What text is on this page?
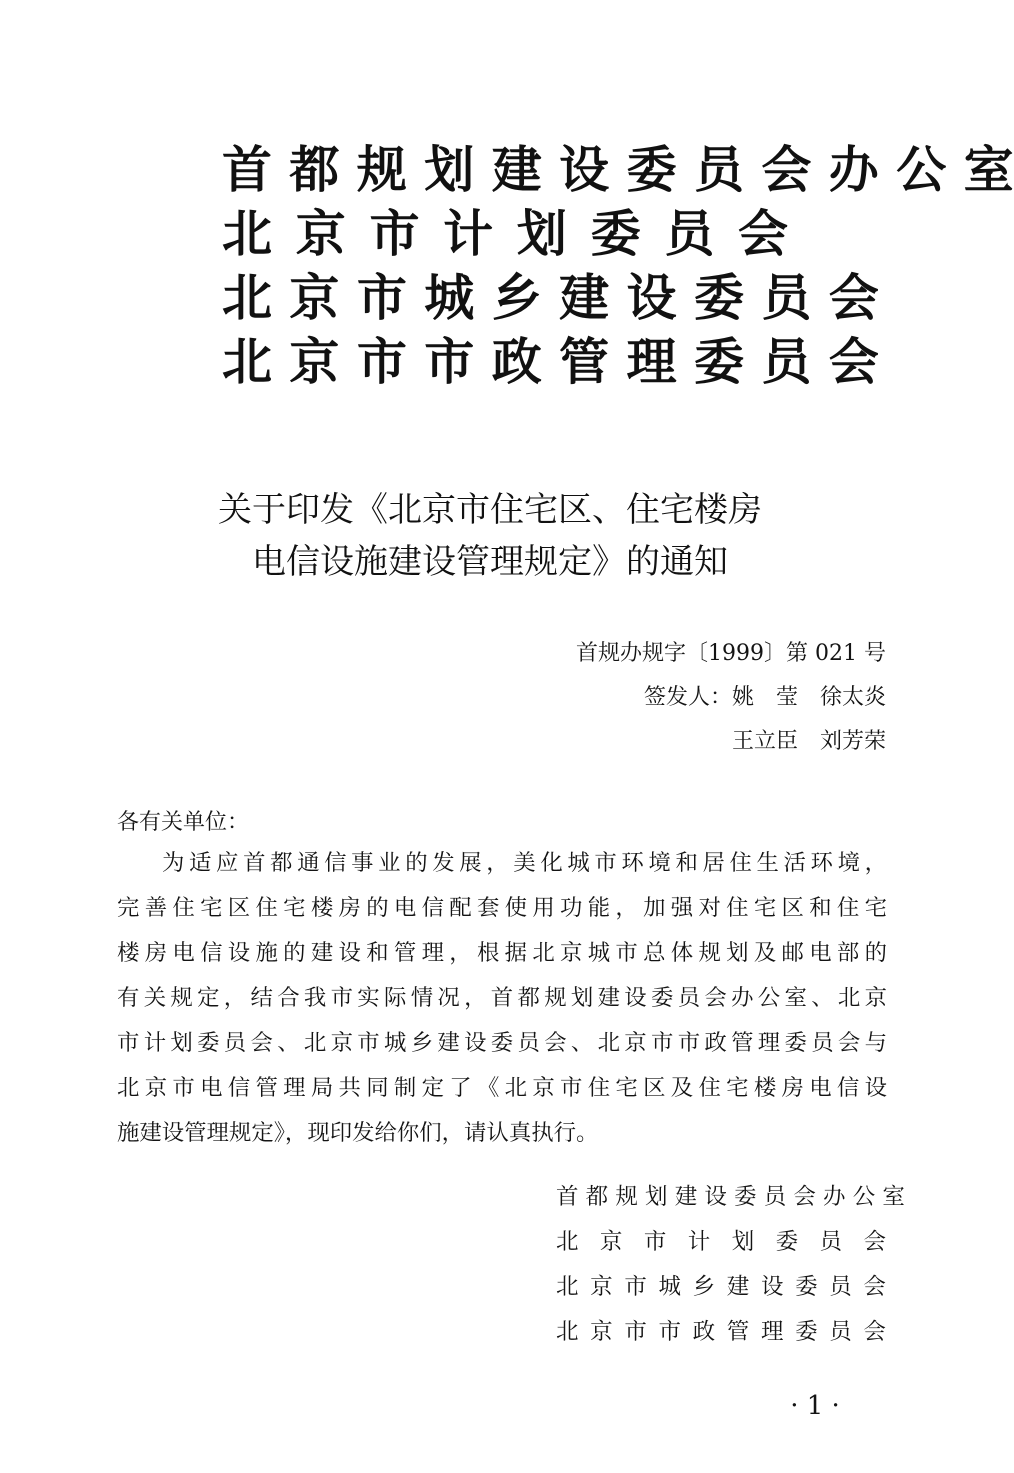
首 都 规 划 建 设 委 员 会 办 公 室
北 京 市 计 划 委 员 会
北 京 市 城 乡 建 设 委 员 会
北 京 市 市 政 管 理 委 员 会
关于印发《北京市住宅区、住宅楼房
电信设施建设管理规定》的通知
首规办规字〔1999〕第 021 号
签发人：姚　莹　徐太炎
王立臣　刘芳荣
各有关单位：
为适应首都通信事业的发展，美化城市环境和居住生活环境，
完善住宅区住宅楼房的电信配套使用功能，加强对住宅区和住宅
楼房电信设施的建设和管理，根据北京城市总体规划及邮电部的
有关规定，结合我市实际情况，首都规划建设委员会办公室、北京
市计划委员会、北京市城乡建设委员会、北京市市政管理委员会与
北京市电信管理局共同制定了《北京市住宅区及住宅楼房电信设
施建设管理规定》，现印发给你们，请认真执行。
首 都 规 划 建 设 委 员 会 办 公 室
北 京 市 计 划 委 员 会
北 京 市 城 乡 建 设 委 员 会
北 京 市 市 政 管 理 委 员 会
· 1 ·
